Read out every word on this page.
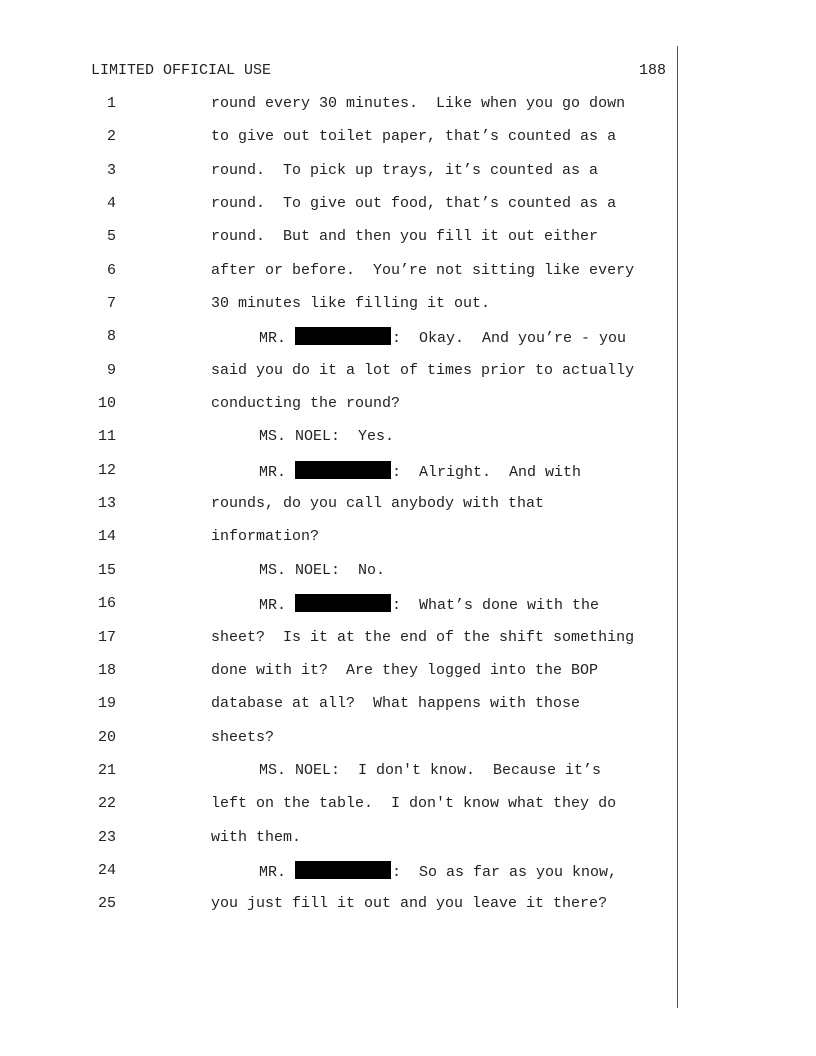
LIMITED OFFICIAL USE	188
1	round every 30 minutes.  Like when you go down
2	to give out toilet paper, that’s counted as a
3	round.  To pick up trays, it’s counted as a
4	round.  To give out food, that’s counted as a
5	round.  But and then you fill it out either
6	after or before.  You’re not sitting like every
7	30 minutes like filling it out.
8	MR.	:  Okay.  And you’re - you
9	said you do it a lot of times prior to actually
10	conducting the round?
11	MS. NOEL:  Yes.
12	MR.	:  Alright.  And with
13	rounds, do you call anybody with that
14	information?
15	MS. NOEL:  No.
16	MR.	:  What’s done with the
17	sheet?  Is it at the end of the shift something
18	done with it?  Are they logged into the BOP
19	database at all?  What happens with those
20	sheets?
21	MS. NOEL:  I don't know.  Because it’s
22	left on the table.  I don't know what they do
23	with them.
24	MR.	:  So as far as you know,
25	you just fill it out and you leave it there?
